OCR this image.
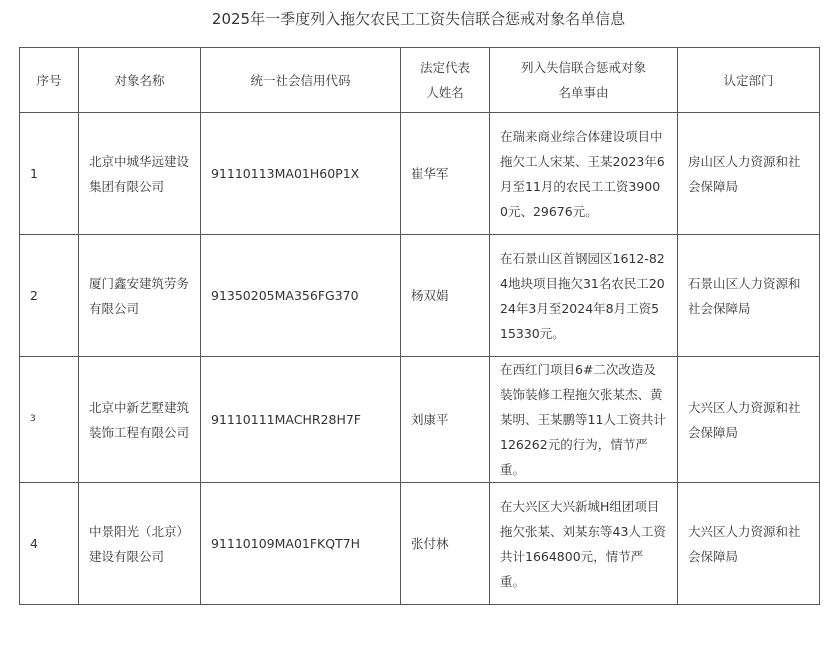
2025年一季度列入拖欠农民工工资失信联合惩戒对象名单信息
序号	对象名称	统一社会信用代码	法定代表人姓名	列入失信联合惩戒对象名单事由	认定部门
1	北京中城华远建设集团有限公司	91110113MA01H60P1X	崔华军	在瑞来商业综合体建设项目中拖欠工人宋某、王某2023年6月至11月的农民工工资39000元、29676元。	房山区人力资源和社会保障局
2	厦门鑫安建筑劳务有限公司	91350205MA356FG370	杨双娟	在石景山区首钢园区1612-824地块项目拖欠31名农民工2024年3月至2024年8月工资515330元。	石景山区人力资源和社会保障局
3	北京中新艺墅建筑装饰工程有限公司	91110111MACHR28H7F	刘康平	在西红门项目6#二次改造及装饰装修工程拖欠张某杰、黄某明、王某鹏等11人工资共计126262元的行为，情节严重。	大兴区人力资源和社会保障局
4	中景阳光（北京）建设有限公司	91110109MA01FKQT7H	张付林	在大兴区大兴新城H组团项目拖欠张某、刘某东等43人工资共计1664800元，情节严重。	大兴区人力资源和社会保障局
